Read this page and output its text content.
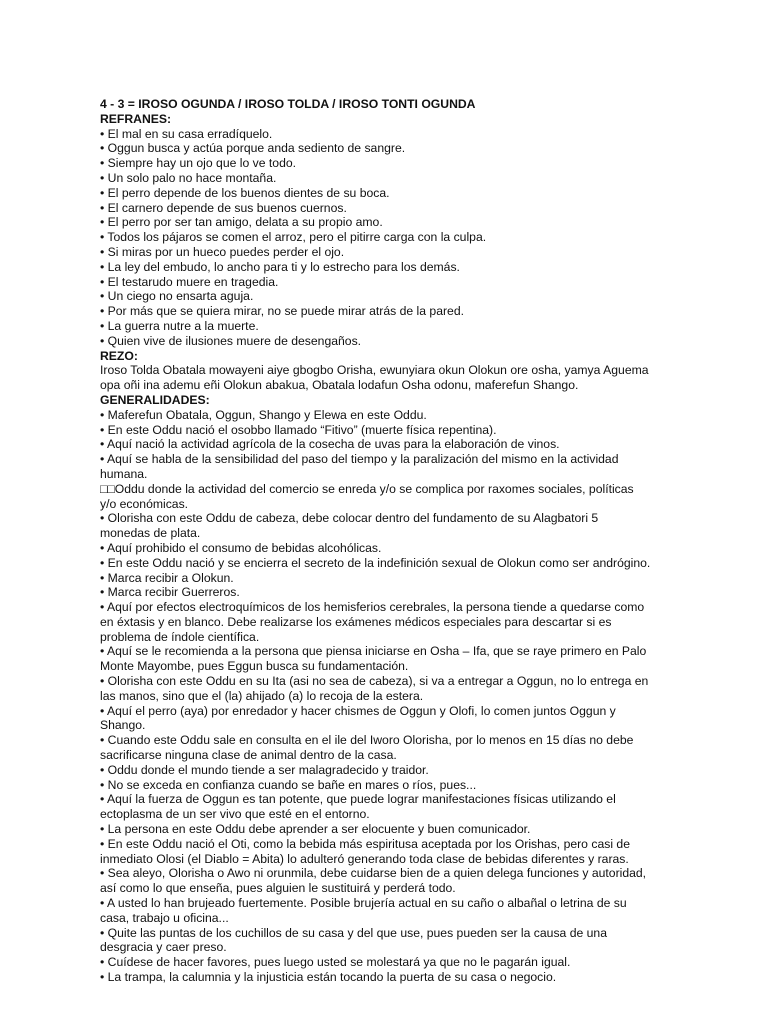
4 - 3 = IROSO OGUNDA / IROSO TOLDA / IROSO TONTI OGUNDA
REFRANES:
• El mal en su casa erradíquelo.
• Oggun busca y actúa porque anda sediento de sangre.
• Siempre hay un ojo que lo ve todo.
• Un solo palo no hace montaña.
• El perro depende de los buenos dientes de su boca.
• El carnero depende de sus buenos cuernos.
• El perro por ser tan amigo, delata a su propio amo.
• Todos los pájaros se comen el arroz, pero el pitirre carga con la culpa.
• Si miras por un hueco puedes perder el ojo.
• La ley del embudo, lo ancho para ti y lo estrecho para los demás.
• El testarudo muere en tragedia.
• Un ciego no ensarta aguja.
• Por más que se quiera mirar, no se puede mirar atrás de la pared.
• La guerra nutre a la muerte.
• Quien vive de ilusiones muere de desengaños.
REZO:
Iroso Tolda Obatala mowayeni aiye gbogbo Orisha, ewunyiara okun Olokun ore osha, yamya Aguema
opa oñi ina ademu eñi Olokun abakua, Obatala lodafun Osha odonu, maferefun Shango.
GENERALIDADES:
• Maferefun Obatala, Oggun, Shango y Elewa en este Oddu.
• En este Oddu nació el osobbo llamado “Fitivo” (muerte física repentina).
• Aquí nació la actividad agrícola de la cosecha de uvas para la elaboración de vinos.
• Aquí se habla de la sensibilidad del paso del tiempo y la paralización del mismo en la actividad
humana.
□□Oddu donde la actividad del comercio se enreda y/o se complica por raxomes sociales, políticas
y/o económicas.
• Olorisha con este Oddu de cabeza, debe colocar dentro del fundamento de su Alagbatori 5
monedas de plata.
• Aquí prohibido el consumo de bebidas alcohólicas.
• En este Oddu nació y se encierra el secreto de la indefinición sexual de Olokun como ser andrógino.
• Marca recibir a Olokun.
• Marca recibir Guerreros.
• Aquí por efectos electroquímicos de los hemisferios cerebrales, la persona tiende a quedarse como
en éxtasis y en blanco. Debe realizarse los exámenes médicos especiales para descartar si es
problema de índole científica.
• Aquí se le recomienda a la persona que piensa iniciarse en Osha – Ifa, que se raye primero en Palo
Monte Mayombe, pues Eggun busca su fundamentación.
• Olorisha con este Oddu en su Ita (asi no sea de cabeza), si va a entregar a Oggun, no lo entrega en
las manos, sino que el (la) ahijado (a) lo recoja de la estera.
• Aquí el perro (aya) por enredador y hacer chismes de Oggun y Olofi, lo comen juntos Oggun y
Shango.
• Cuando este Oddu sale en consulta en el ile del Iworo Olorisha, por lo menos en 15 días no debe
sacrificarse ninguna clase de animal dentro de la casa.
• Oddu donde el mundo tiende a ser malagradecido y traidor.
• No se exceda en confianza cuando se bañe en mares o ríos, pues...
• Aquí la fuerza de Oggun es tan potente, que puede lograr manifestaciones físicas utilizando el
ectoplasma de un ser vivo que esté en el entorno.
• La persona en este Oddu debe aprender a ser elocuente y buen comunicador.
• En este Oddu nació el Oti, como la bebida más espiritusa aceptada por los Orishas, pero casi de
inmediato Olosi (el Diablo = Abita) lo adulteró generando toda clase de bebidas diferentes y raras.
• Sea aleyo, Olorisha o Awo ni orunmila, debe cuidarse bien de a quien delega funciones y autoridad,
así como lo que enseña, pues alguien le sustituirá y perderá todo.
• A usted lo han brujeado fuertemente. Posible brujería actual en su caño o albañal o letrina de su
casa, trabajo u oficina...
• Quite las puntas de los cuchillos de su casa y del que use, pues pueden ser la causa de una
desgracia y caer preso.
• Cuídese de hacer favores, pues luego usted se molestará ya que no le pagarán igual.
• La trampa, la calumnia y la injusticia están tocando la puerta de su casa o negocio.
